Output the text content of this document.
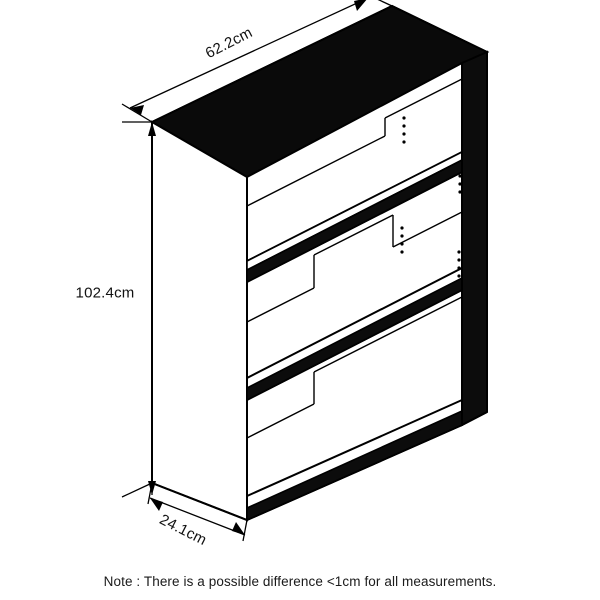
62.2cm
102.4cm
24.1cm
Note : There is a possible difference <1cm for all measurements.
